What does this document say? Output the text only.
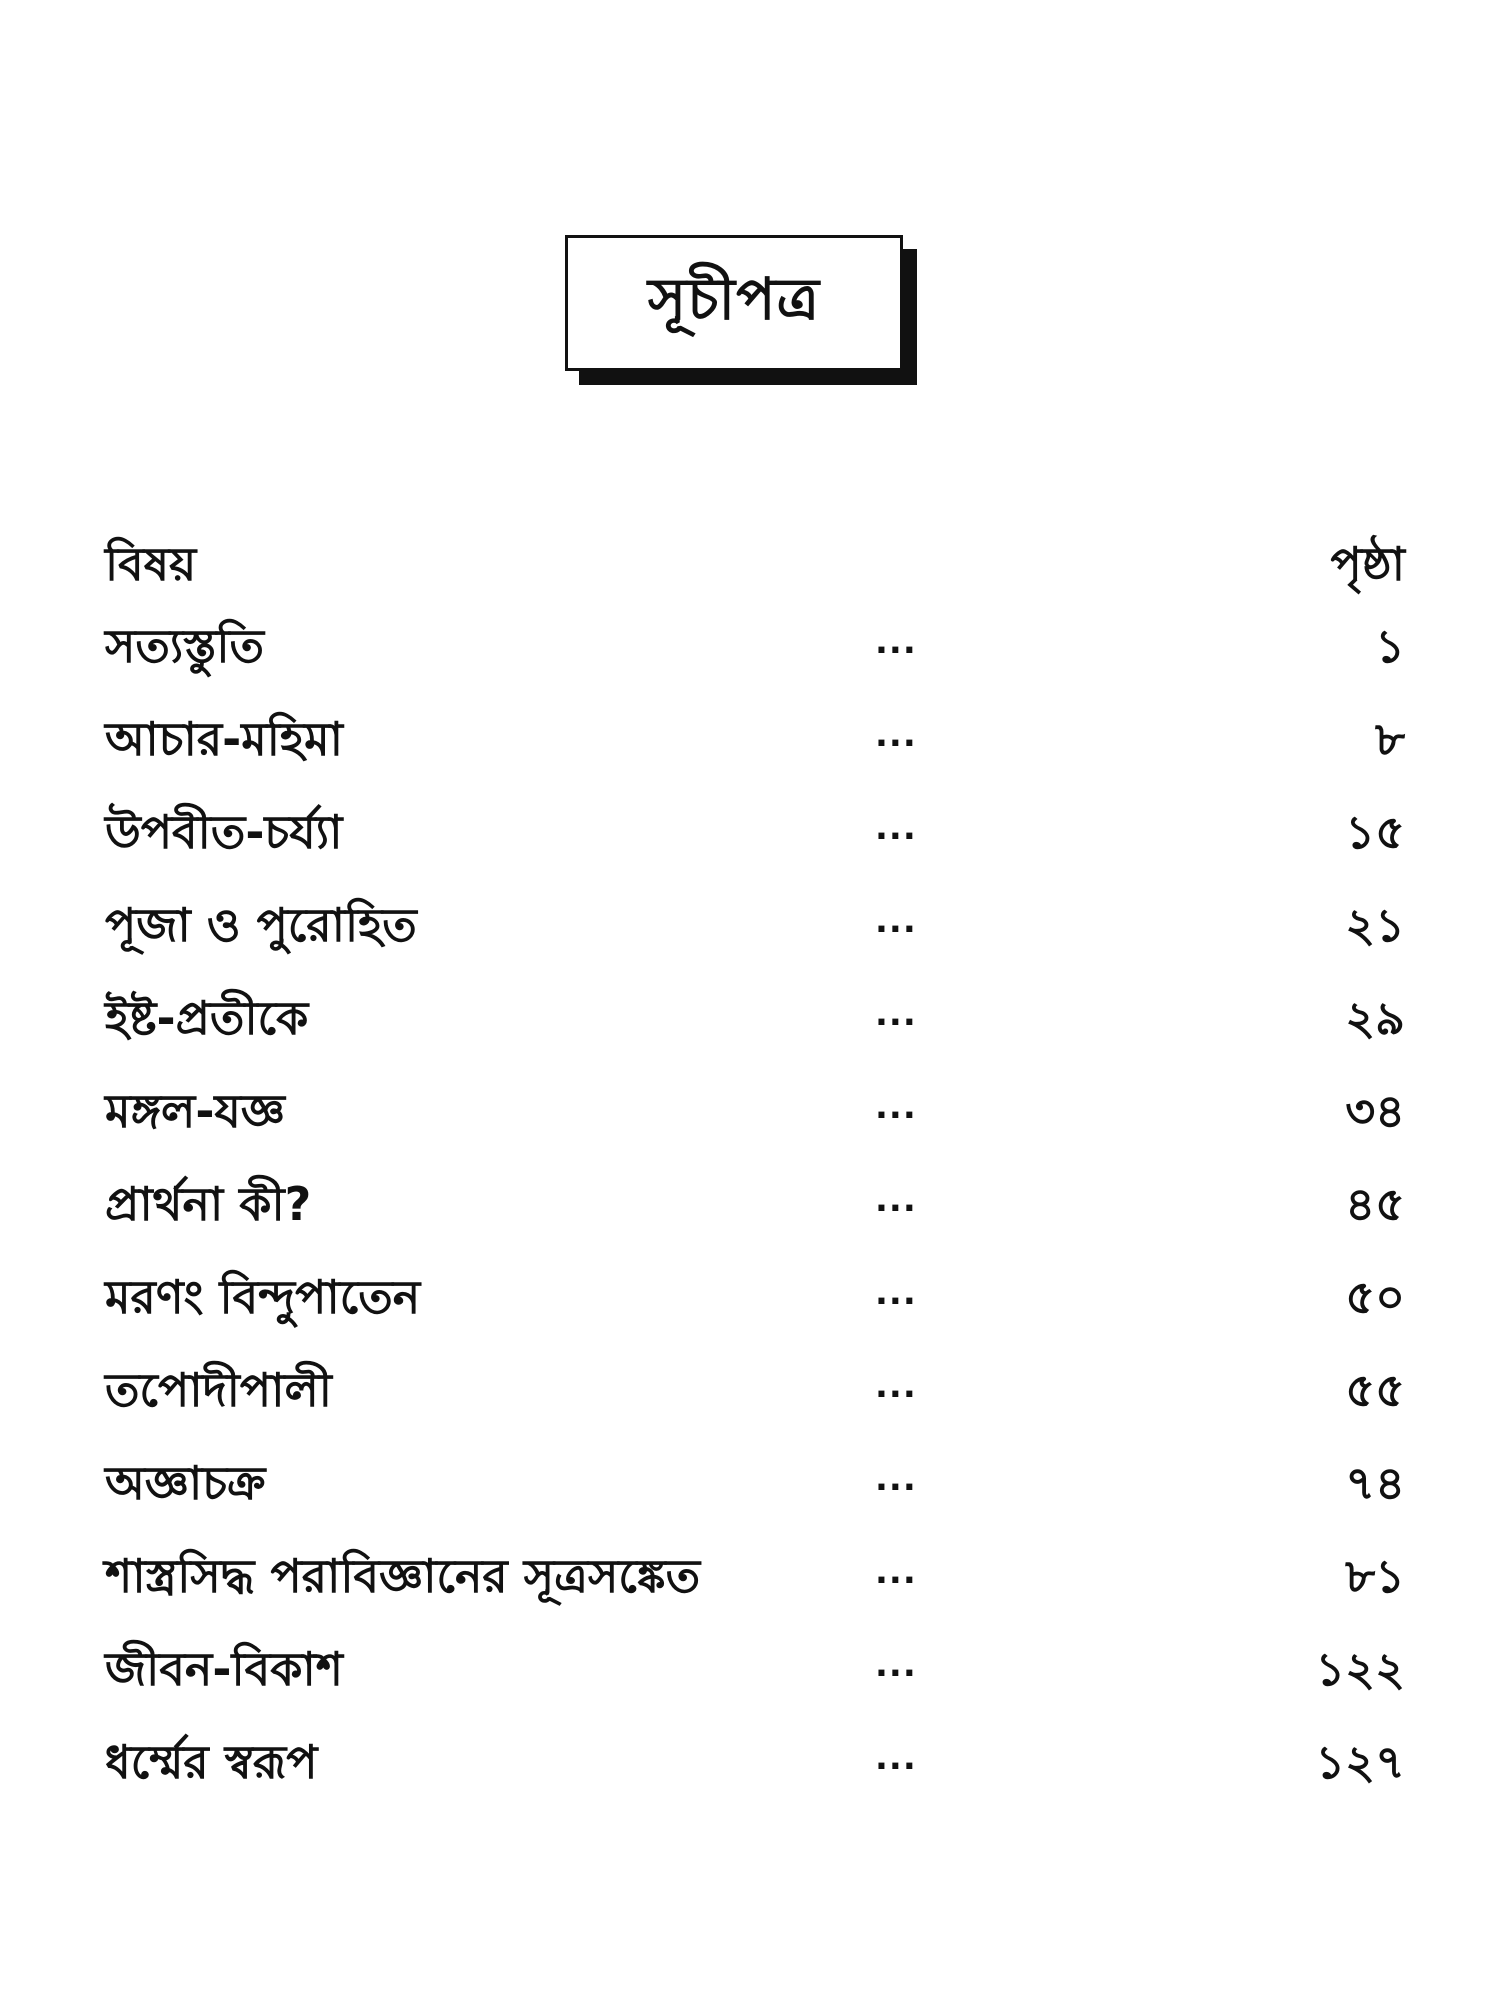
সূচীপত্র
বিষয়	পৃষ্ঠা
সত্যস্তুতি	...	১
আচার-মহিমা	...	৮
উপবীত-চর্য্যা	...	১৫
পূজা ও পুরোহিত	...	২১
ইষ্ট-প্রতীকে	...	২৯
মঙ্গল-যজ্ঞ	...	৩৪
প্রার্থনা কী?	...	৪৫
মরণং বিন্দুপাতেন	...	৫০
তপোদীপালী	...	৫৫
অজ্ঞাচক্র	...	৭৪
শাস্ত্রসিদ্ধ পরাবিজ্ঞানের সূত্রসঙ্কেত	...	৮১
জীবন-বিকাশ	...	১২২
ধর্ম্মের স্বরূপ	...	১২৭
